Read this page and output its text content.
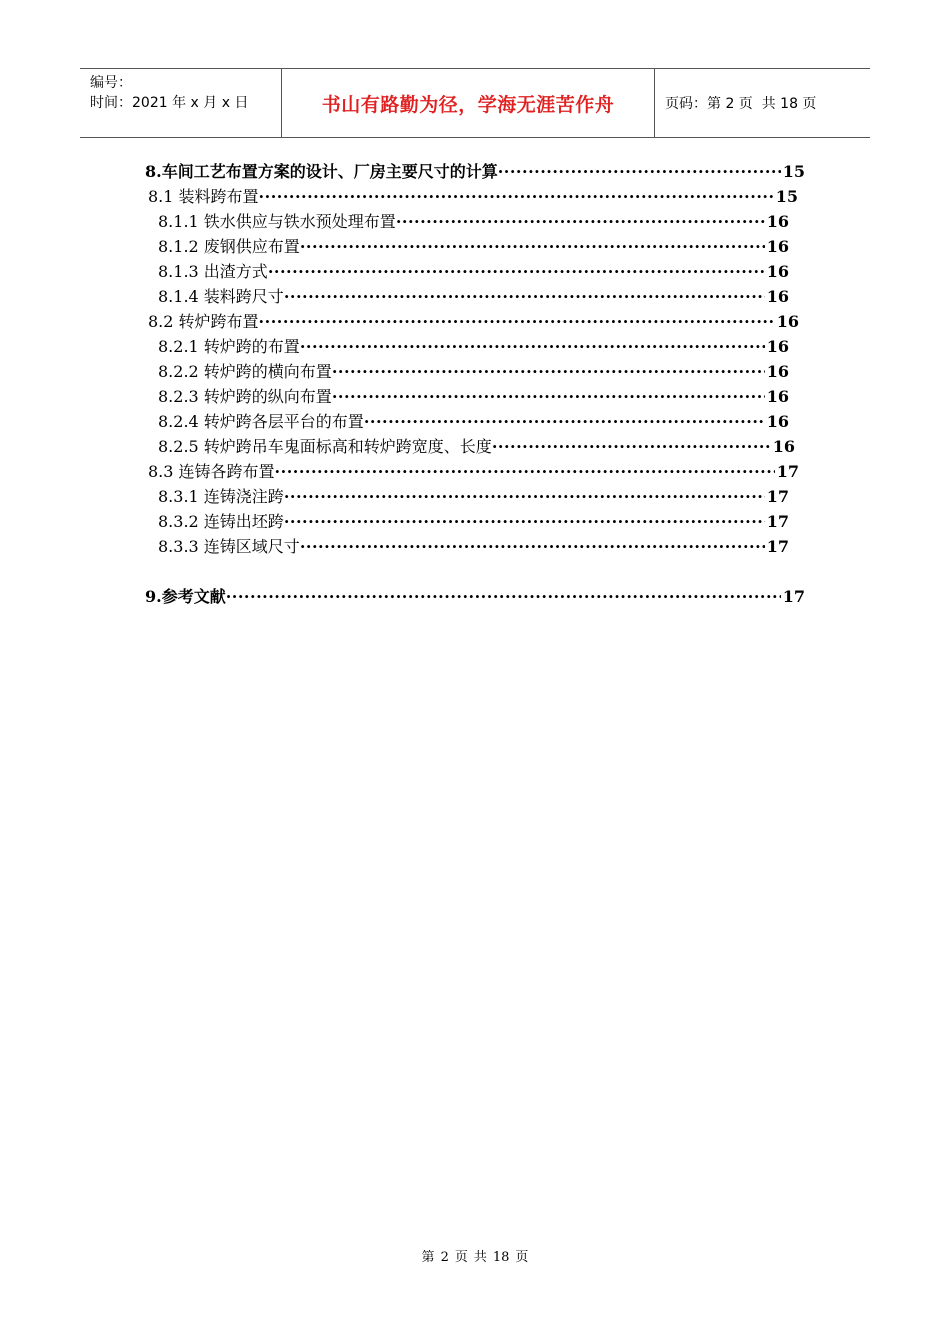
编号：
时间：2021 年 x 月 x 日	书山有路勤为径，学海无涯苦作舟	页码：第 2 页  共 18 页
8.车间工艺布置方案的设计、厂房主要尺寸的计算 ·····	15
8.1 装料跨布置 ·····	15
8.1.1 铁水供应与铁水预处理布置 ·····	16
8.1.2 废钢供应布置 ·····	16
8.1.3 出渣方式 ·····	16
8.1.4 装料跨尺寸 ·····	16
8.2 转炉跨布置 ·····	16
8.2.1 转炉跨的布置 ·····	16
8.2.2 转炉跨的横向布置 ·····	16
8.2.3 转炉跨的纵向布置 ·····	16
8.2.4 转炉跨各层平台的布置 ·····	16
8.2.5 转炉跨吊车鬼面标高和转炉跨宽度、长度 ·····	16
8.3 连铸各跨布置 ·····	17
8.3.1 连铸浇注跨 ·····	17
8.3.2 连铸出坯跨 ·····	17
8.3.3 连铸区域尺寸 ·····	17
9.参考文献 ·····	17
第 2 页 共 18 页
